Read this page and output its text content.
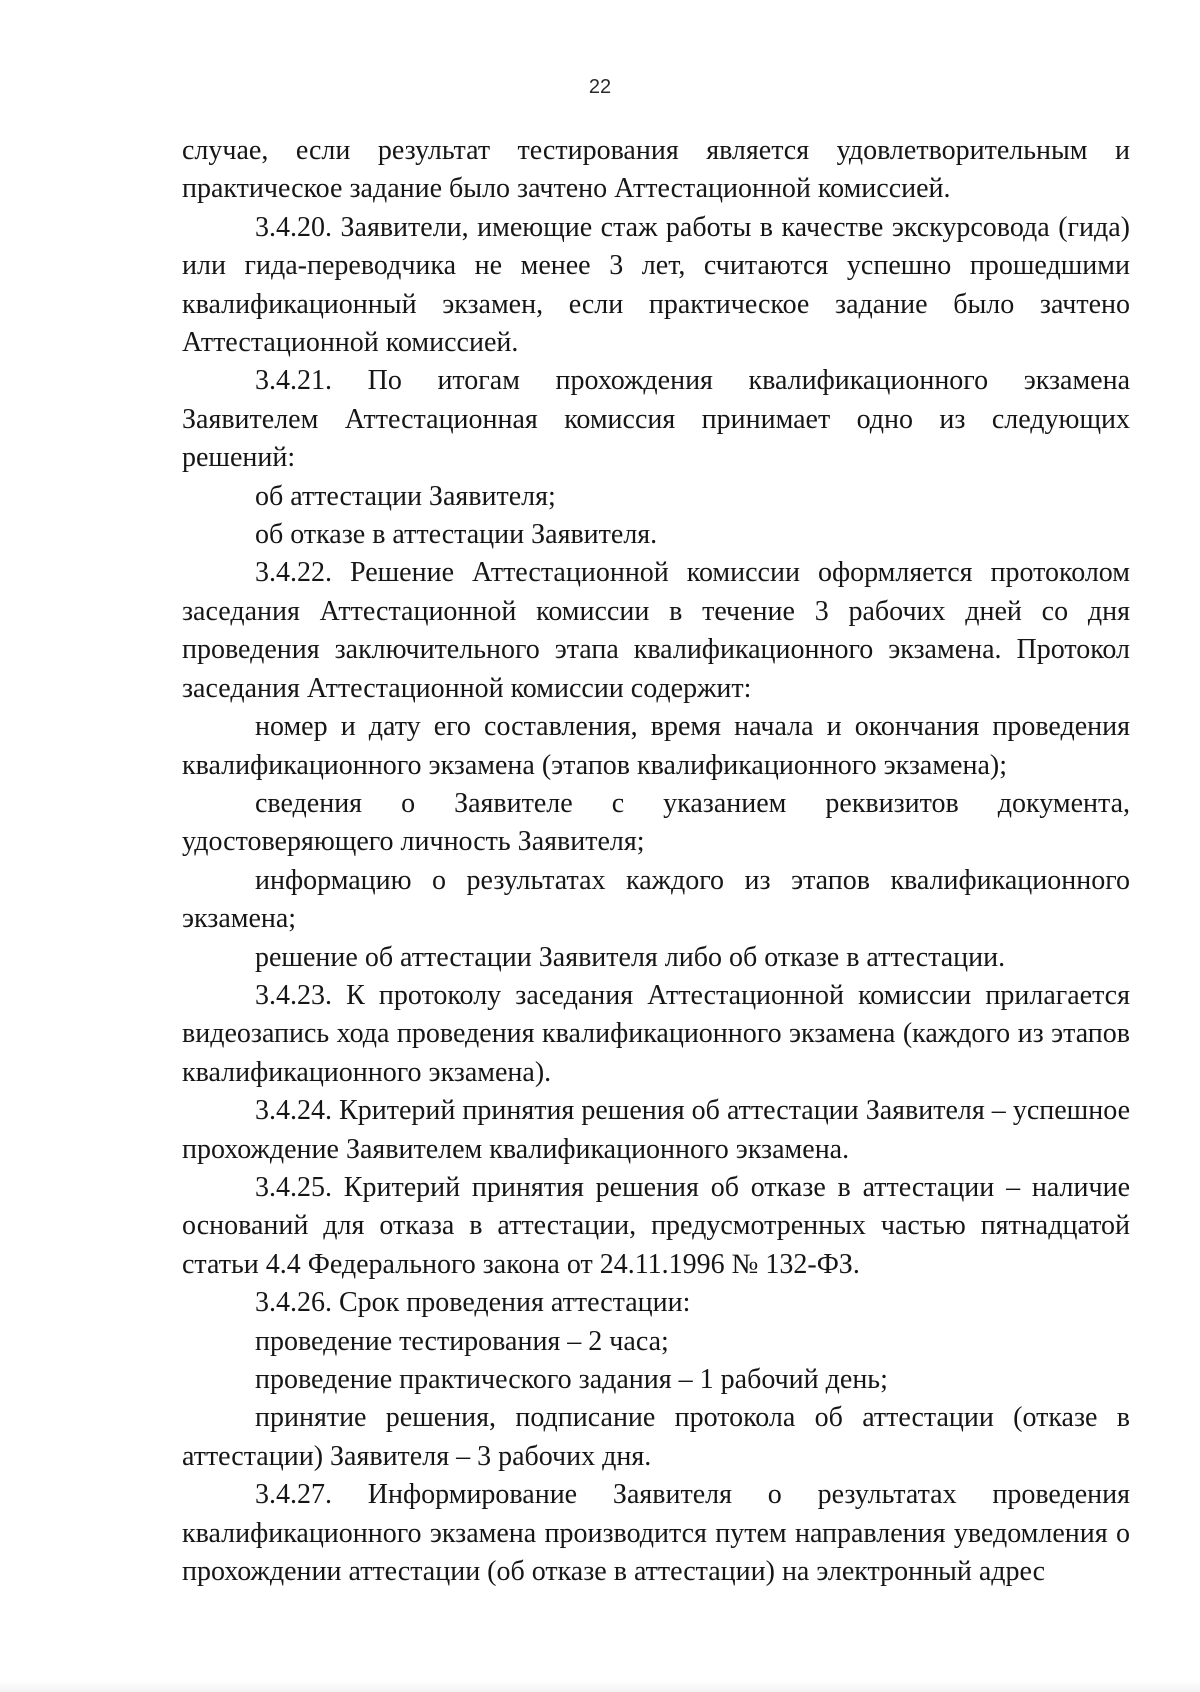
22

случае, если результат тестирования является удовлетворительным и практическое задание было зачтено Аттестационной комиссией.

3.4.20. Заявители, имеющие стаж работы в качестве экскурсовода (гида) или гида-переводчика не менее 3 лет, считаются успешно прошедшими квалификационный экзамен, если практическое задание было зачтено Аттестационной комиссией.

3.4.21. По итогам прохождения квалификационного экзамена Заявителем Аттестационная комиссия принимает одно из следующих решений:

об аттестации Заявителя;

об отказе в аттестации Заявителя.

3.4.22. Решение Аттестационной комиссии оформляется протоколом заседания Аттестационной комиссии в течение 3 рабочих дней со дня проведения заключительного этапа квалификационного экзамена. Протокол заседания Аттестационной комиссии содержит:

номер и дату его составления, время начала и окончания проведения квалификационного экзамена (этапов квалификационного экзамена);

сведения о Заявителе с указанием реквизитов документа, удостоверяющего личность Заявителя;

информацию о результатах каждого из этапов квалификационного экзамена;

решение об аттестации Заявителя либо об отказе в аттестации.

3.4.23. К протоколу заседания Аттестационной комиссии прилагается видеозапись хода проведения квалификационного экзамена (каждого из этапов квалификационного экзамена).

3.4.24. Критерий принятия решения об аттестации Заявителя – успешное прохождение Заявителем квалификационного экзамена.

3.4.25. Критерий принятия решения об отказе в аттестации – наличие оснований для отказа в аттестации, предусмотренных частью пятнадцатой статьи 4.4 Федерального закона от 24.11.1996 № 132-ФЗ.

3.4.26. Срок проведения аттестации:

проведение тестирования – 2 часа;

проведение практического задания – 1 рабочий день;

принятие решения, подписание протокола об аттестации (отказе в аттестации) Заявителя – 3 рабочих дня.

3.4.27. Информирование Заявителя о результатах проведения квалификационного экзамена производится путем направления уведомления о прохождении аттестации (об отказе в аттестации) на электронный адрес
